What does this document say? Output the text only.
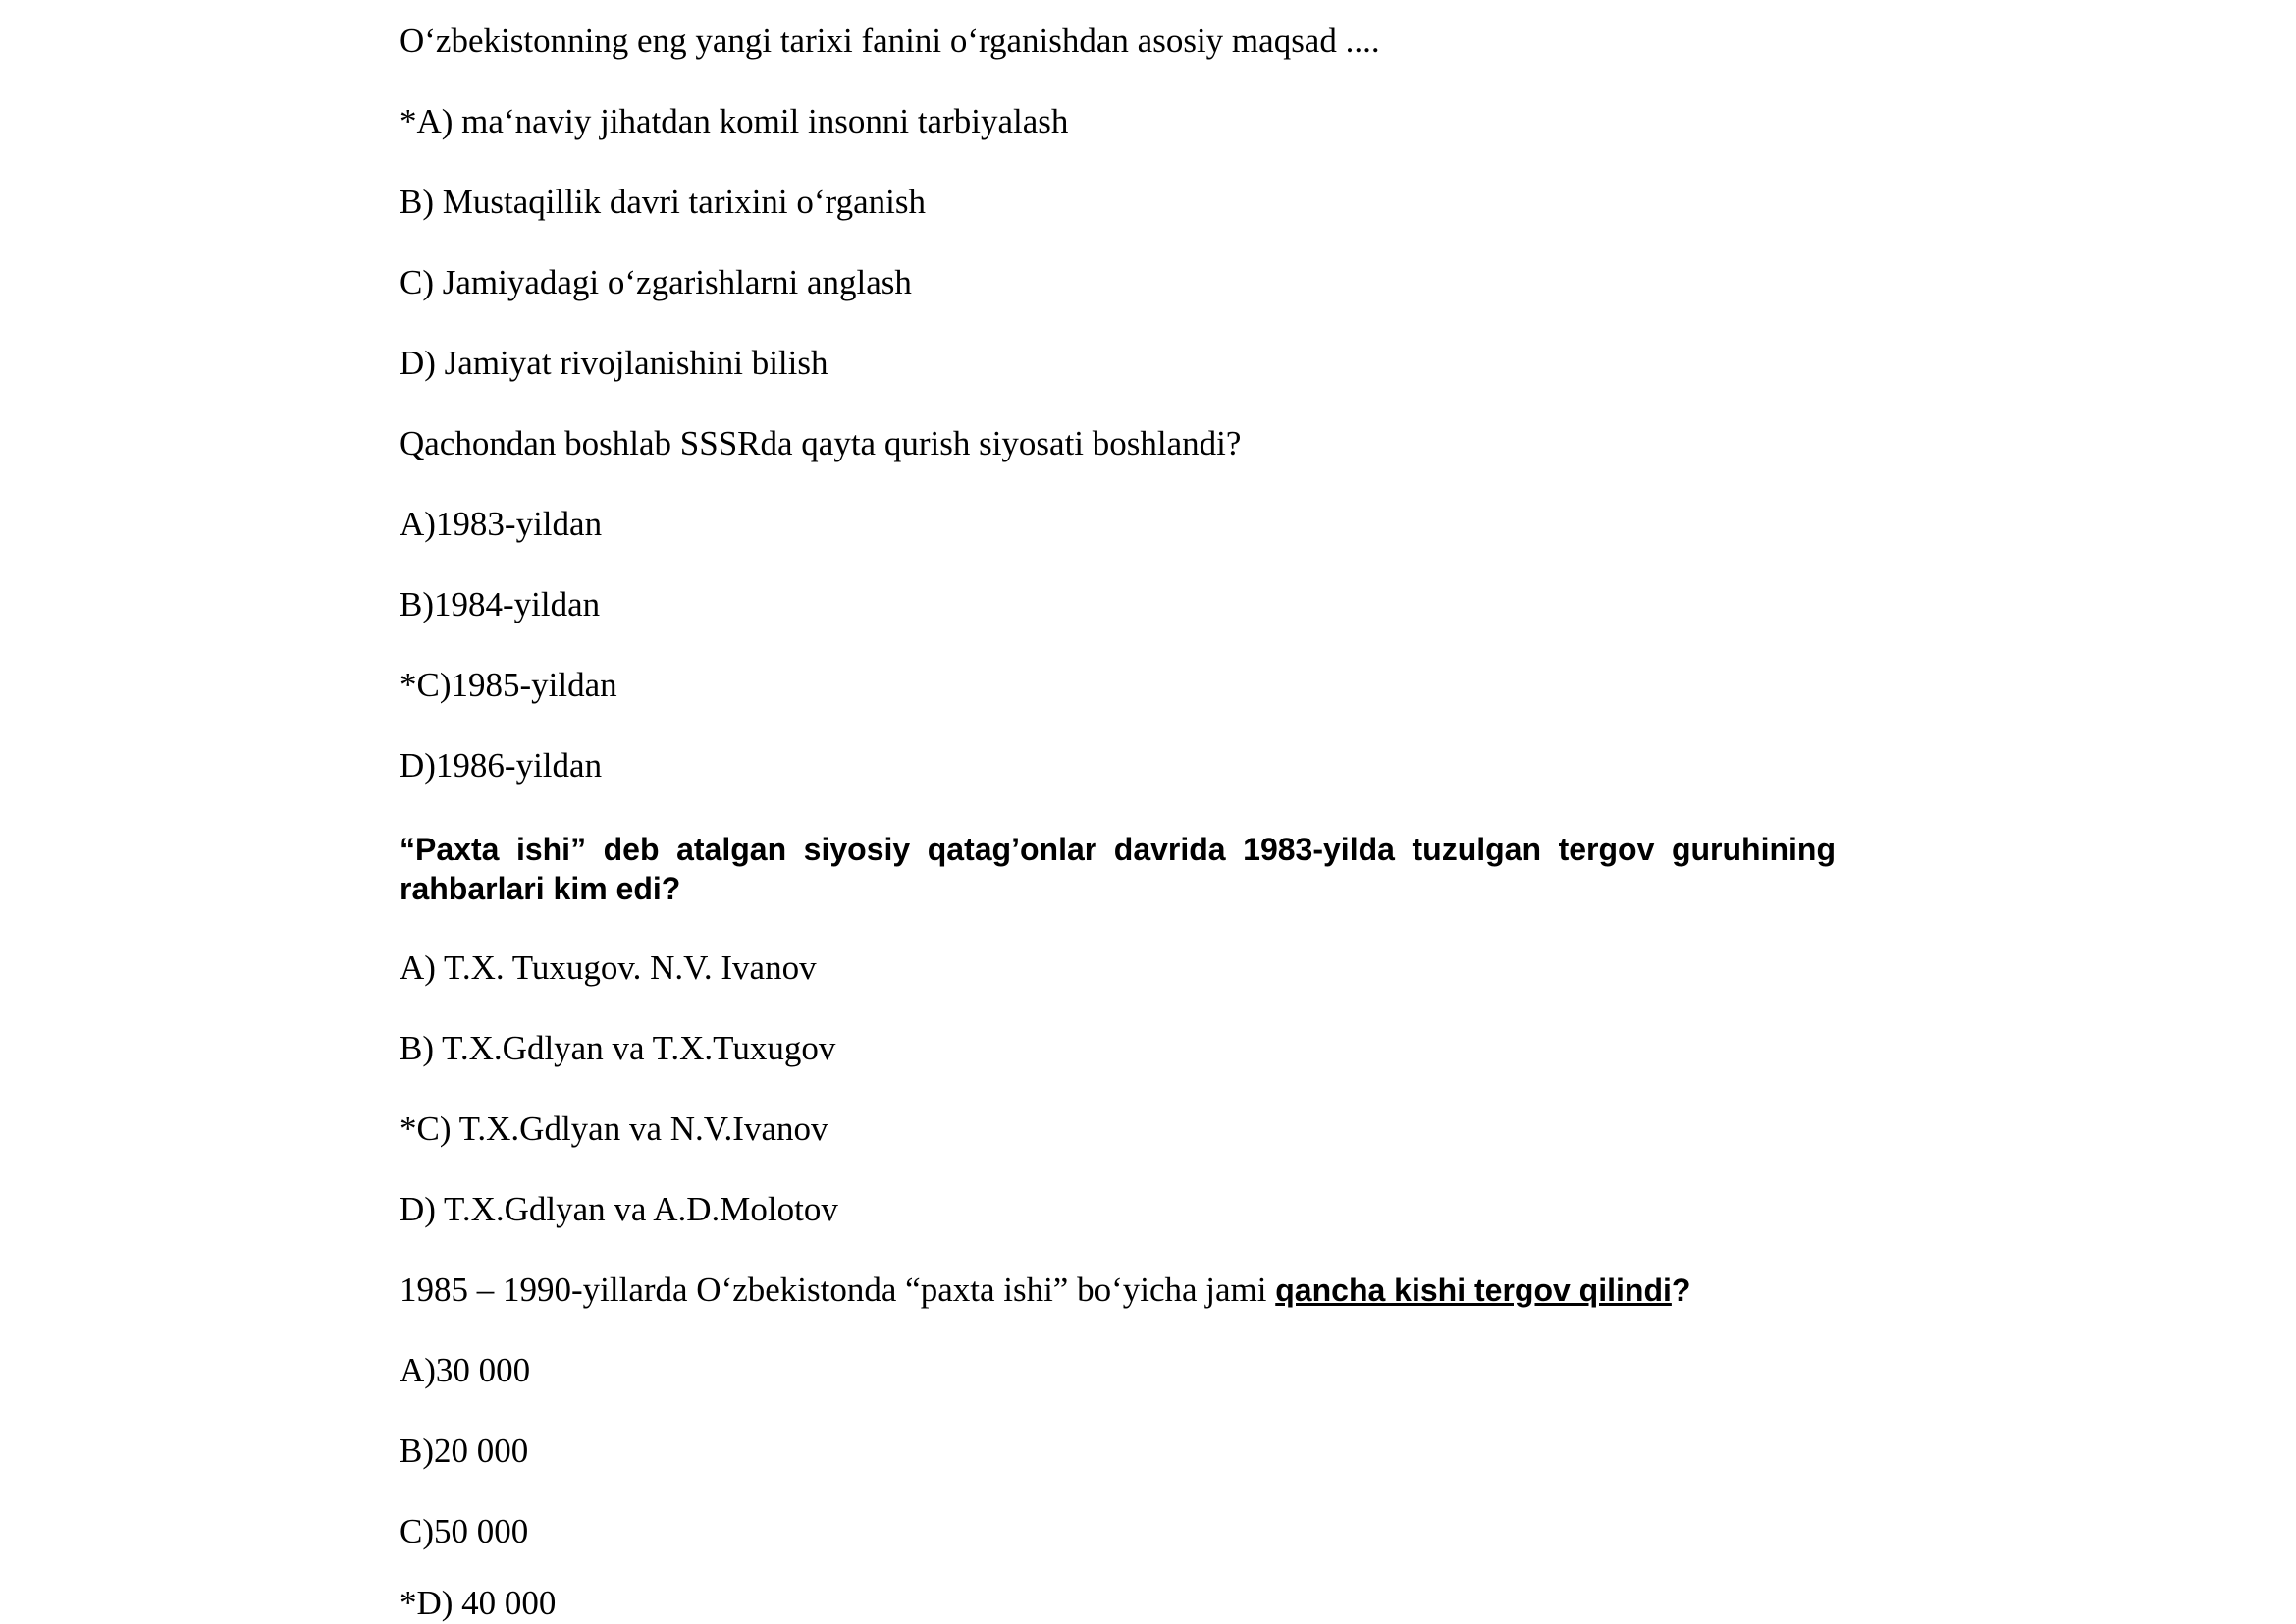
O‘zbekistonning eng yangi tarixi fanini o‘rganishdan asosiy maqsad ....
*A) ma‘naviy jihatdan komil insonni tarbiyalash
B) Mustaqillik davri tarixini o‘rganish
C) Jamiyadagi o‘zgarishlarni anglash
D) Jamiyat rivojlanishini bilish
Qachondan boshlab SSSRda qayta qurish siyosati boshlandi?
A)1983-yildan
B)1984-yildan
*C)1985-yildan
D)1986-yildan
“Paxta ishi” deb atalgan siyosiy qatag’onlar davrida 1983-yilda tuzulgan tergov guruhining rahbarlari kim edi?
A) T.X. Tuxugov. N.V. Ivanov
B) T.X.Gdlyan va T.X.Tuxugov
*C) T.X.Gdlyan va N.V.Ivanov
D) T.X.Gdlyan va A.D.Molotov
1985 – 1990-yillarda O‘zbekistonda “paxta ishi” bo‘yicha jami qancha kishi tergov qilindi?
A)30 000
B)20 000
C)50 000
*D) 40 000
